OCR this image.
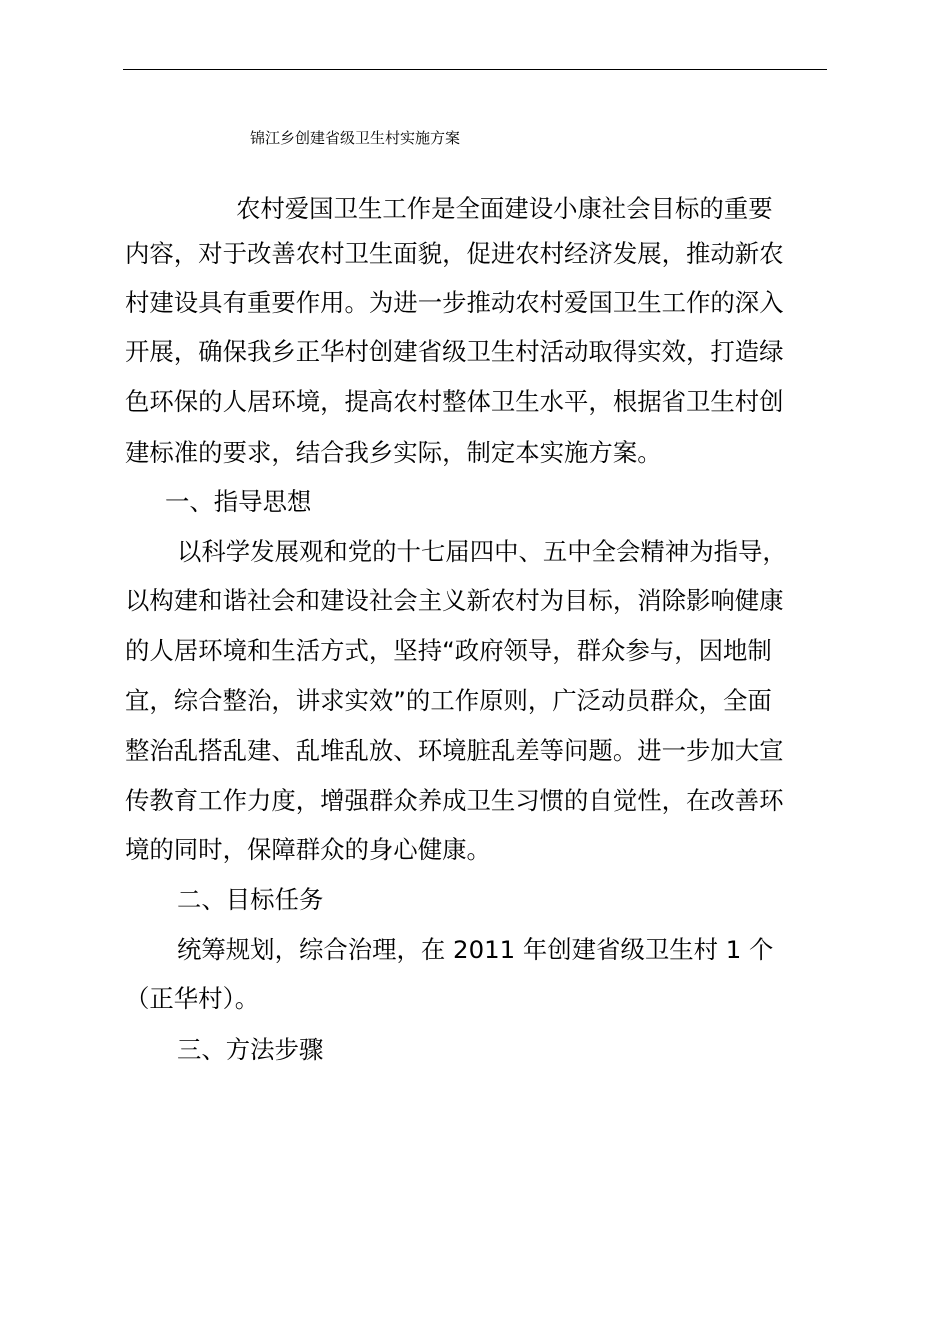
锦江乡创建省级卫生村实施方案
农村爱国卫生工作是全面建设小康社会目标的重要
内容，对于改善农村卫生面貌，促进农村经济发展，推动新农
村建设具有重要作用。为进一步推动农村爱国卫生工作的深入
开展，确保我乡正华村创建省级卫生村活动取得实效，打造绿
色环保的人居环境，提高农村整体卫生水平，根据省卫生村创
建标准的要求，结合我乡实际，制定本实施方案。
一、指导思想
以科学发展观和党的十七届四中、五中全会精神为指导，
以构建和谐社会和建设社会主义新农村为目标，消除影响健康
的人居环境和生活方式，坚持“政府领导，群众参与，因地制
宜，综合整治，讲求实效”的工作原则，广泛动员群众，全面
整治乱搭乱建、乱堆乱放、环境脏乱差等问题。进一步加大宣
传教育工作力度，增强群众养成卫生习惯的自觉性，在改善环
境的同时，保障群众的身心健康。
二、目标任务
统筹规划，综合治理，在 2011 年创建省级卫生村 1 个
（正华村）。
三、方法步骤
